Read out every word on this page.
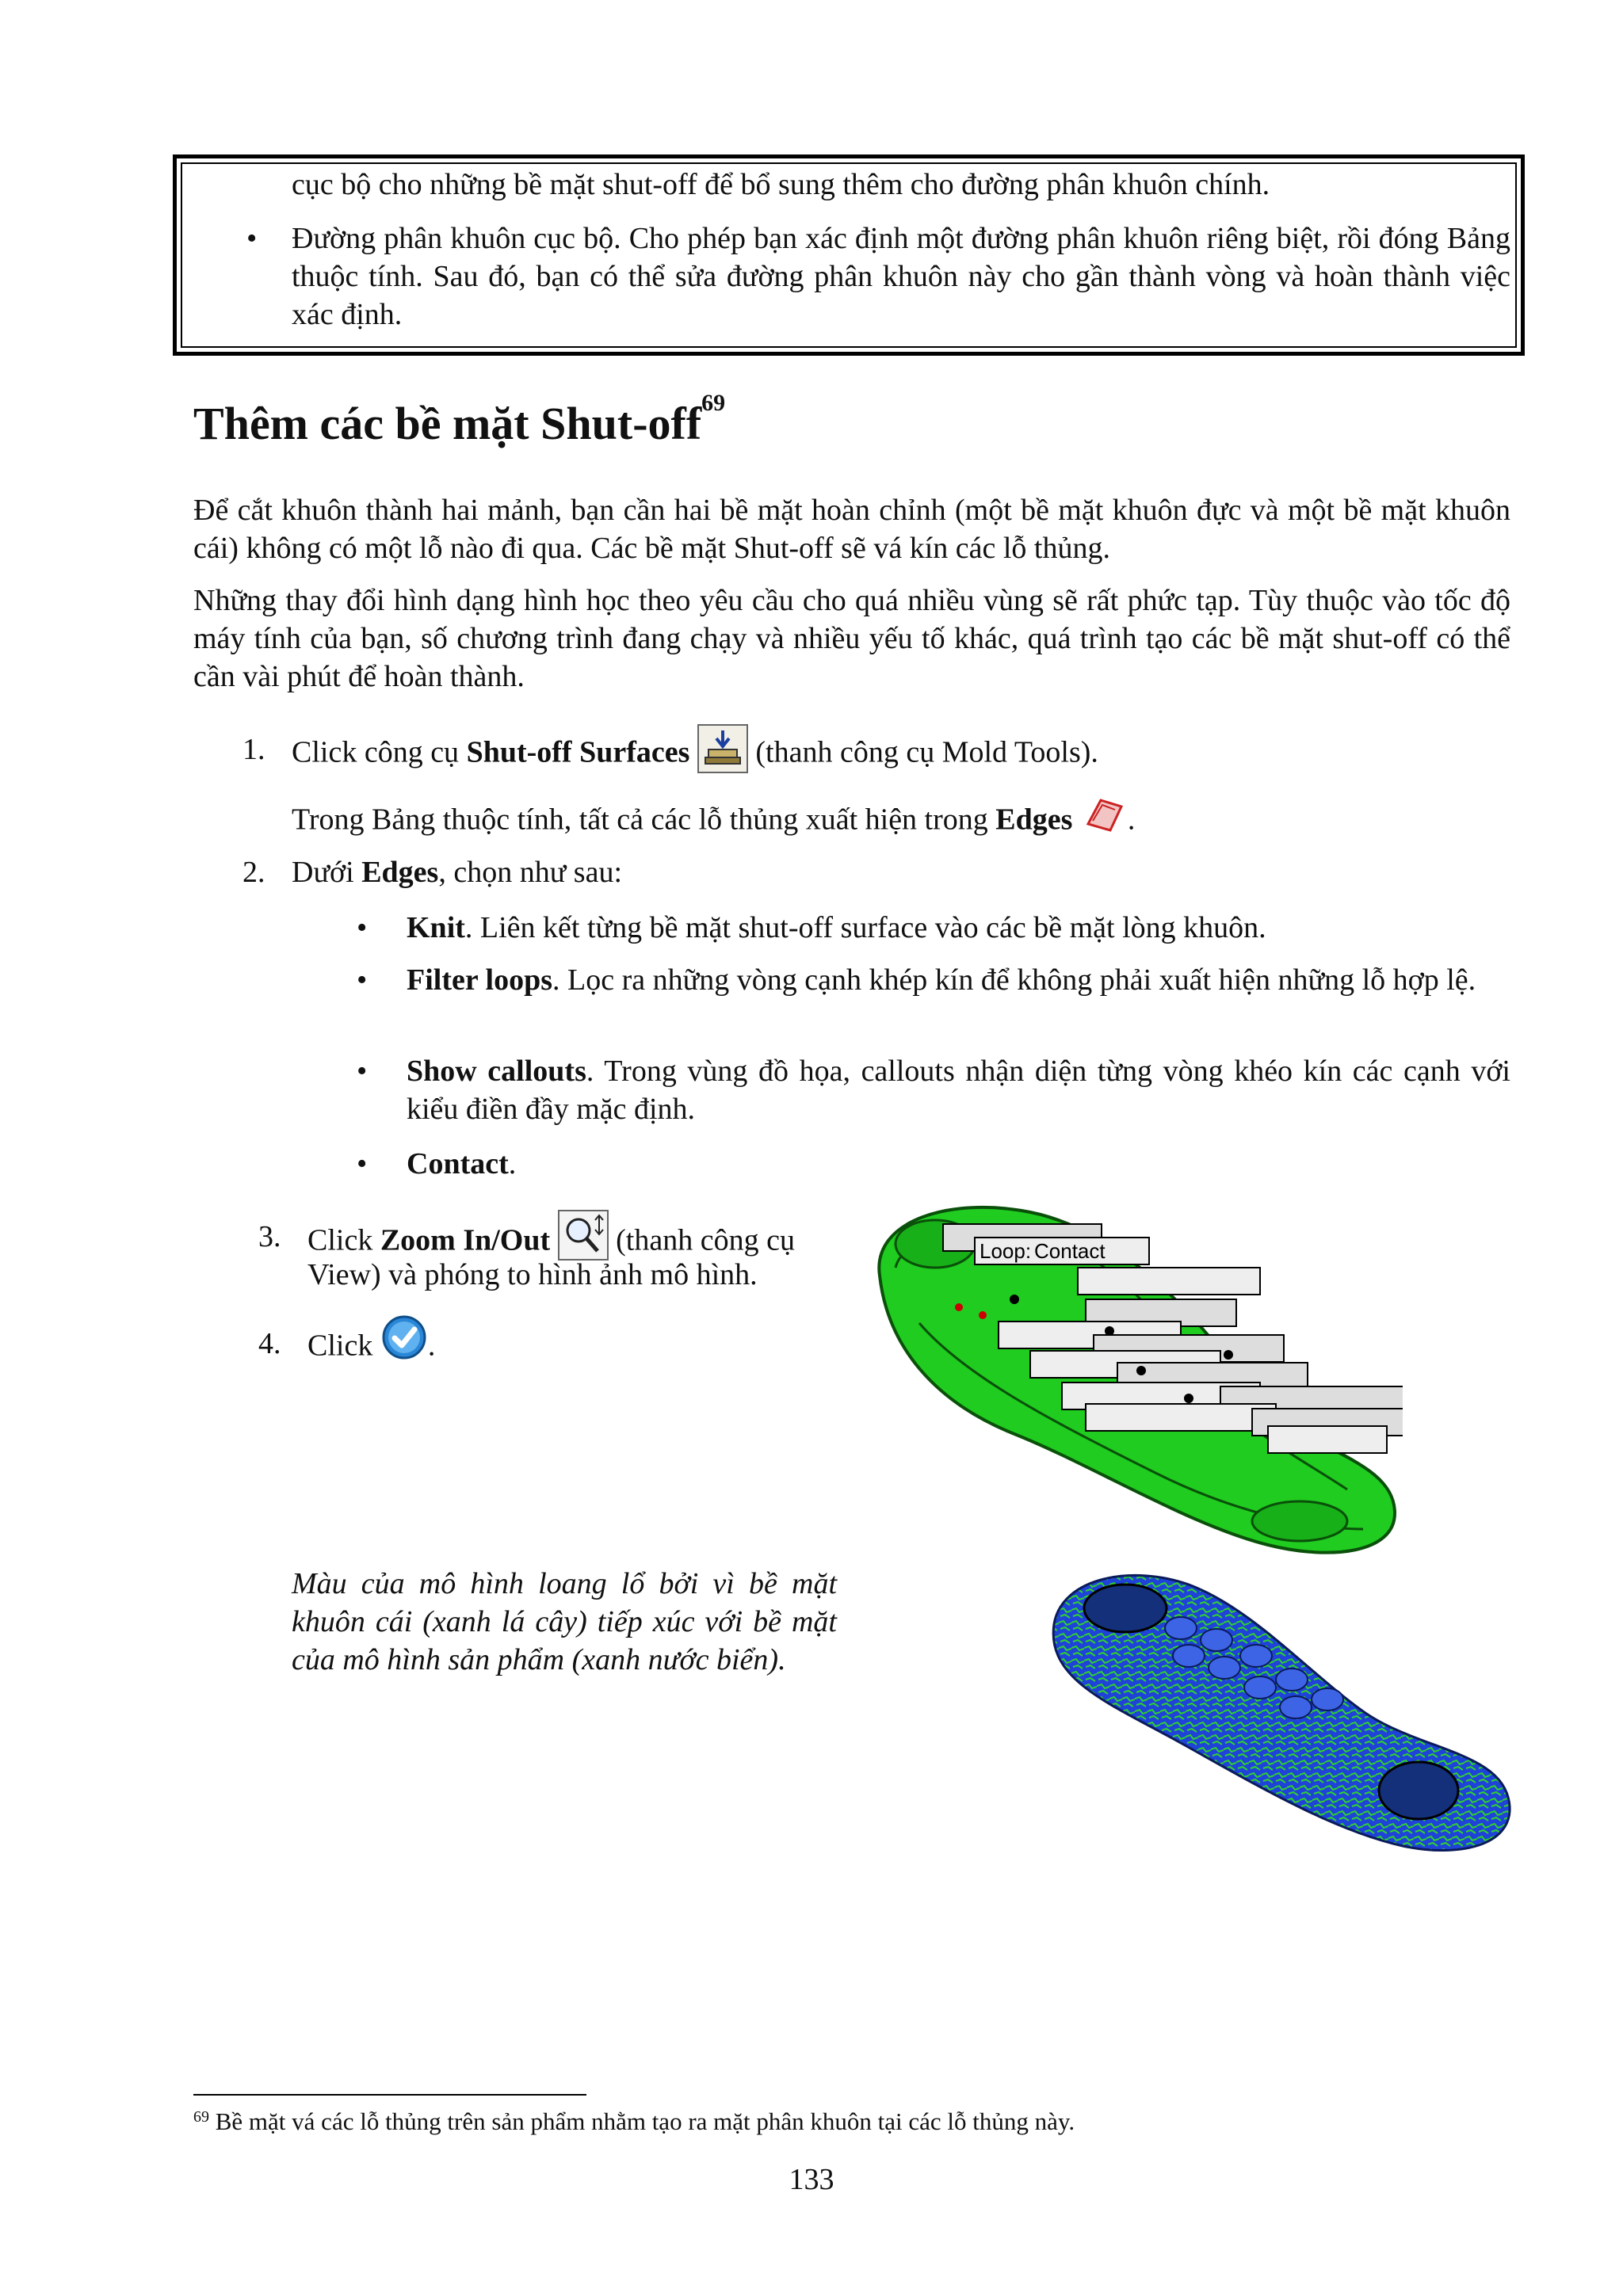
cục bộ cho những bề mặt shut-off để bổ sung thêm cho đường phân khuôn chính.

• Đường phân khuôn cục bộ. Cho phép bạn xác định một đường phân khuôn riêng biệt, rồi đóng Bảng thuộc tính. Sau đó, bạn có thể sửa đường phân khuôn này cho gần thành vòng và hoàn thành việc xác định.

Thêm các bề mặt Shut-off$^{69}$

Để cắt khuôn thành hai mảnh, bạn cần hai bề mặt hoàn chỉnh (một bề mặt khuôn đực và một bề mặt khuôn cái) không có một lỗ nào đi qua. Các bề mặt Shut-off sẽ vá kín các lỗ thủng.

Những thay đổi hình dạng hình học theo yêu cầu cho quá nhiều vùng sẽ rất phức tạp. Tùy thuộc vào tốc độ máy tính của bạn, số chương trình đang chạy và nhiều yếu tố khác, quá trình tạo các bề mặt shut-off có thể cần vài phút để hoàn thành.

1. Click công cụ Shut-off Surfaces  (thanh công cụ Mold Tools).

Trong Bảng thuộc tính, tất cả các lỗ thủng xuất hiện trong Edges .

2. Dưới Edges, chọn như sau:

• Knit. Liên kết từng bề mặt shut-off surface vào các bề mặt lòng khuôn.

• Filter loops. Lọc ra những vòng cạnh khép kín để không phải xuất hiện những lỗ hợp lệ.

• Show callouts. Trong vùng đồ họa, callouts nhận diện từng vòng khéo kín các cạnh với kiểu điền đầy mặc định.

• Contact.

3. Click Zoom In/Out  (thanh công cụ

View) và phóng to hình ảnh mô hình.

4. Click .

Loop: Contact

Màu của mô hình loang lổ bởi vì bề mặt khuôn cái (xanh lá cây) tiếp xúc với bề mặt của mô hình sản phẩm (xanh nước biển).

$^{69}$ Bề mặt vá các lỗ thủng trên sản phẩm nhằm tạo ra mặt phân khuôn tại các lỗ thủng này.

133
